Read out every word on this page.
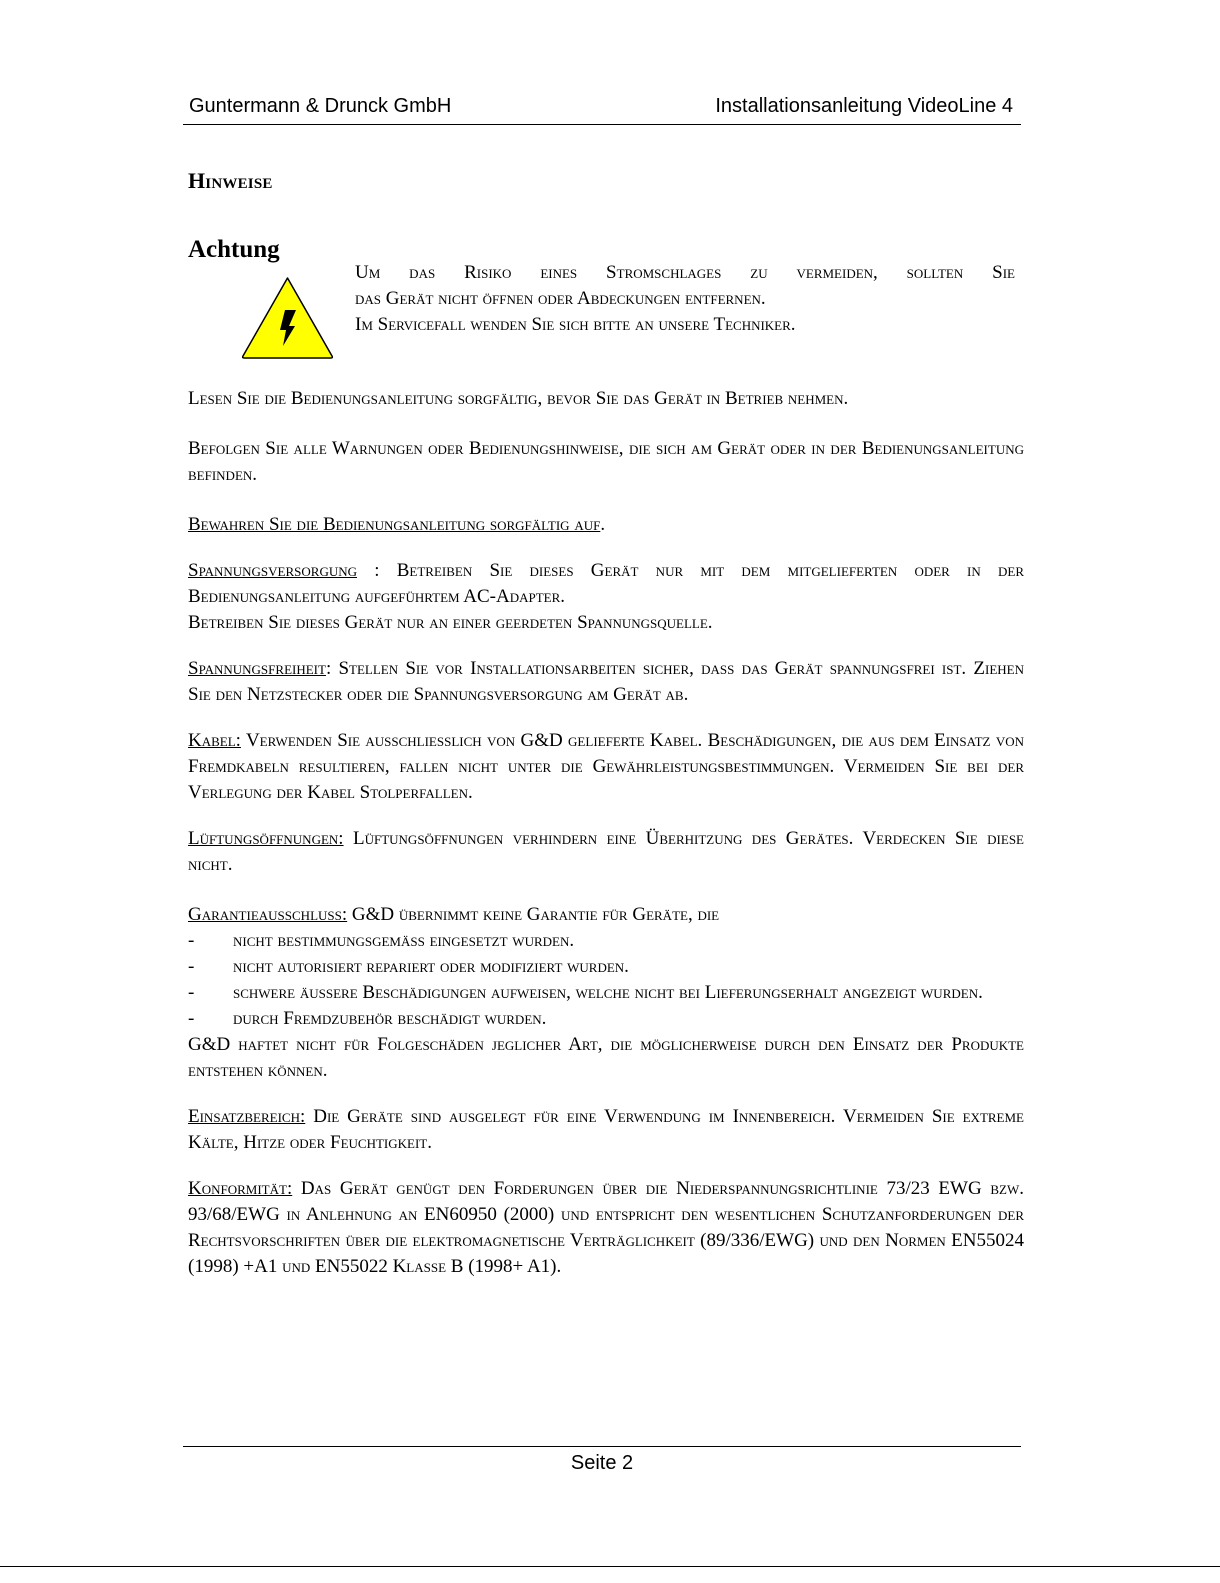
Guntermann & Drunck GmbH	Installationsanleitung VideoLine 4
Hinweise
Achtung
Um das Risiko eines Stromschlages zu vermeiden, sollten Sie
das Gerät nicht öffnen oder Abdeckungen entfernen.
Im Servicefall wenden Sie sich bitte an unsere Techniker.

Lesen Sie die Bedienungsanleitung sorgfältig, bevor Sie das Gerät in Betrieb nehmen.

Befolgen Sie alle Warnungen oder Bedienungshinweise, die sich am Gerät oder in der Bedienungsanleitung befinden.

Bewahren Sie die Bedienungsanleitung sorgfältig auf.

Spannungsversorgung : Betreiben Sie dieses Gerät nur mit dem mitgelieferten oder in der Bedienungsanleitung aufgeführtem AC-Adapter.

Betreiben Sie dieses Gerät nur an einer geerdeten Spannungsquelle.

Spannungsfreiheit: Stellen Sie vor Installationsarbeiten sicher, daß das Gerät spannungsfrei ist. Ziehen Sie den Netzstecker oder die Spannungsversorgung am Gerät ab.

Kabel: Verwenden Sie ausschließlich von G&D gelieferte Kabel. Beschädigungen, die aus dem Einsatz von Fremdkabeln resultieren, fallen nicht unter die Gewährleistungsbestimmungen. Vermeiden Sie bei der Verlegung der Kabel Stolperfallen.

Lüftungsöffnungen: Lüftungsöffnungen verhindern eine Überhitzung des Gerätes. Verdecken Sie diese nicht.

Garantieausschluß: G&D übernimmt keine Garantie für Geräte, die

- nicht bestimmungsgemäß eingesetzt wurden.
- nicht autorisiert repariert oder modifiziert wurden.
- schwere äußere Beschädigungen aufweisen, welche nicht bei Lieferungserhalt angezeigt wurden.
- durch Fremdzubehör beschädigt wurden.

G&D haftet nicht für Folgeschäden jeglicher Art, die möglicherweise durch den Einsatz der Produkte entstehen können.

Einsatzbereich: Die Geräte sind ausgelegt für eine Verwendung im Innenbereich. Vermeiden Sie extreme Kälte, Hitze oder Feuchtigkeit.

Konformität: Das Gerät genügt den Forderungen über die Niederspannungsrichtlinie 73/23 EWG bzw. 93/68/EWG in Anlehnung an EN60950 (2000) und entspricht den wesentlichen Schutzanforderungen der Rechtsvorschriften über die elektromagnetische Verträglichkeit (89/336/EWG) und den Normen EN55024 (1998) +A1 und EN55022 Klasse B (1998+ A1).

Seite 2
